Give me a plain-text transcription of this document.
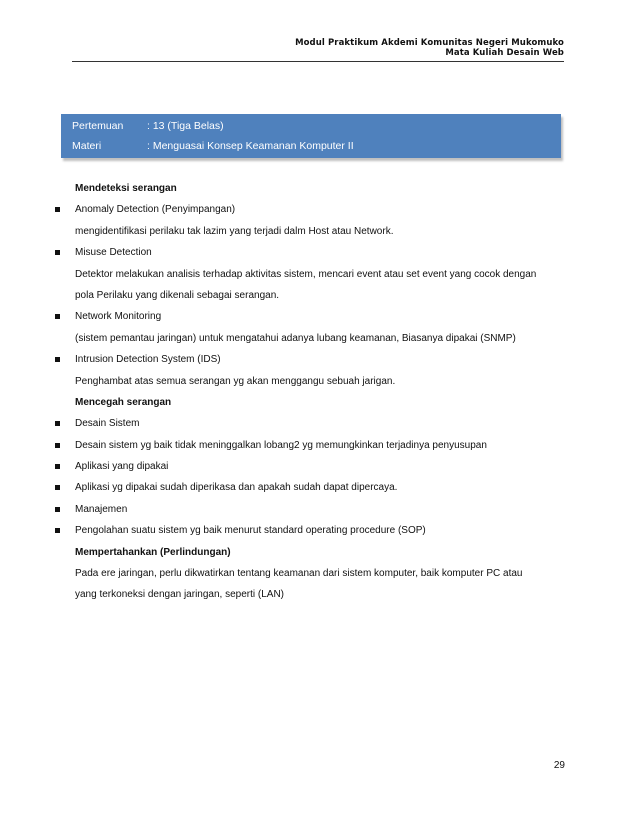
Modul Praktikum Akdemi Komunitas Negeri Mukomuko
Mata Kuliah Desain Web
Pertemuan : 13 (Tiga Belas)
Materi	: Menguasai Konsep Keamanan Komputer II
Mendeteksi serangan
Anomaly Detection (Penyimpangan)
mengidentifikasi perilaku tak lazim yang terjadi dalm Host atau Network.
Misuse Detection
Detektor melakukan analisis terhadap aktivitas sistem, mencari event atau set event yang cocok dengan
pola Perilaku yang dikenali sebagai serangan.
Network Monitoring
(sistem pemantau jaringan) untuk mengatahui adanya lubang keamanan, Biasanya dipakai (SNMP)
Intrusion Detection System (IDS)
Penghambat atas semua serangan yg akan menggangu sebuah jarigan.
Mencegah serangan
Desain Sistem
Desain sistem yg baik tidak meninggalkan lobang2 yg memungkinkan terjadinya penyusupan
Aplikasi yang dipakai
Aplikasi yg dipakai sudah diperikasa dan apakah sudah dapat dipercaya.
Manajemen
Pengolahan suatu sistem yg baik menurut standard operating procedure (SOP)
Mempertahankan (Perlindungan)
Pada ere jaringan, perlu dikwatirkan tentang keamanan dari sistem komputer, baik komputer PC atau
yang terkoneksi dengan jaringan, seperti (LAN)
29
